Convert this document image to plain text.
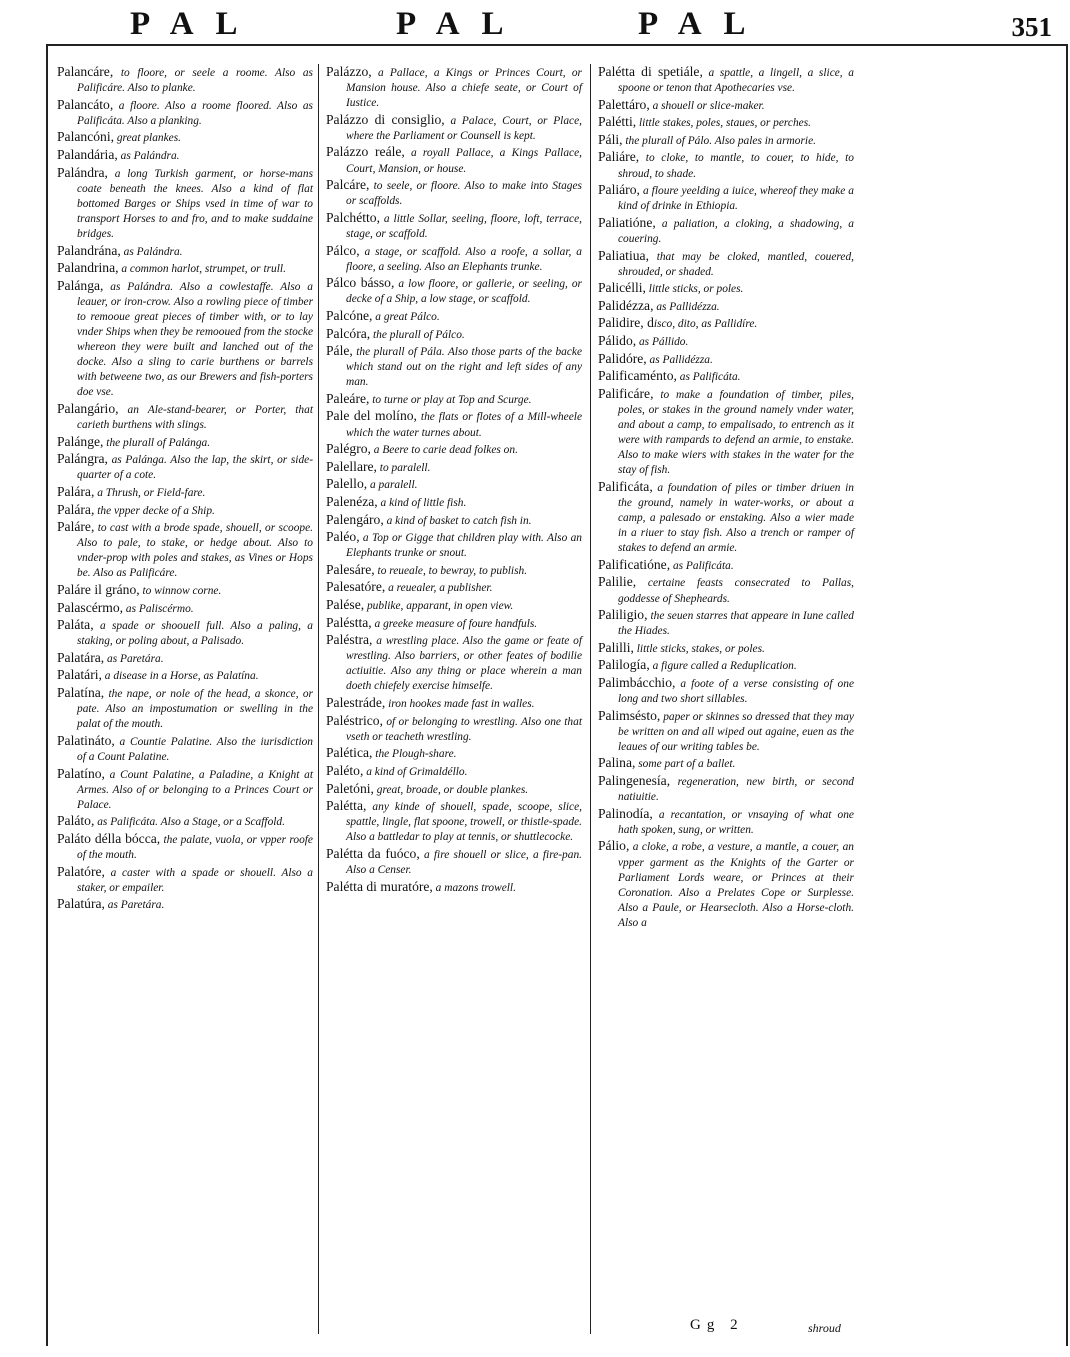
PAL	PAL	PAL	351

Palancáre, to floore, or seele a roome. Also as Palificáre. Also to planke.

Palancáto, a floore. Also a roome floored. Also as Palificáta. Also a planking.

Palancóni, great plankes.

Palandária, as Palándra.

Palándra, a long Turkish garment, or horse-mans coate beneath the knees. Also a kind of flat bottomed Barges or Ships vsed in time of war to transport Horses to and fro, and to make suddaine bridges.

Palandrána, as Palándra.

Palandrina, a common harlot, strumpet, or trull.

Palánga, as Palándra. Also a cowlestaffe. Also a leauer, or iron-crow. Also a rowling piece of timber to remooue great pieces of timber with, or to lay vnder Ships when they be remooued from the stocke whereon they were built and lanched out of the docke. Also a sling to carie burthens or barrels with betweene two, as our Brewers and fish-porters doe vse.

Palangário, an Ale-stand-bearer, or Porter, that carieth burthens with slings.

Palánge, the plurall of Palánga.

Palángra, as Palánga. Also the lap, the skirt, or side-quarter of a cote.

Palára, a Thrush, or Field-fare.

Palára, the vpper decke of a Ship.

Paláre, to cast with a brode spade, shouell, or scoope. Also to pale, to stake, or hedge about. Also to vnder-prop with poles and stakes, as Vines or Hops be. Also as Palificáre.

Paláre il gráno, to winnow corne.

Palascérmo, as Paliscérmo.

Paláta, a spade or shoouell full. Also a paling, a staking, or poling about, a Palisado.

Palatára, as Paretára.

Palatári, a disease in a Horse, as Palatína.

Palatína, the nape, or nole of the head, a skonce, or pate. Also an impostumation or swelling in the palat of the mouth.

Palatináto, a Countie Palatine. Also the iurisdiction of a Count Palatine.

Palatíno, a Count Palatine, a Paladine, a Knight at Armes. Also of or belonging to a Princes Court or Palace.

Paláto, as Palificáta. Also a Stage, or a Scaffold.

Paláto délla bócca, the palate, vuola, or vpper roofe of the mouth.

Palatóre, a caster with a spade or shouell. Also a staker, or empailer.

Palatúra, as Paretára.

Palázzo, a Pallace, a Kings or Princes Court, or Mansion house. Also a chiefe seate, or Court of Iustice.

Palázzo di consiglio, a Palace, Court, or Place, where the Parliament or Counsell is kept.

Palázzo reále, a royall Pallace, a Kings Pallace, Court, Mansion, or house.

Palcáre, to seele, or floore. Also to make into Stages or scaffolds.

Palchétto, a little Sollar, seeling, floore, loft, terrace, stage, or scaffold.

Pálco, a stage, or scaffold. Also a roofe, a sollar, a floore, a seeling. Also an Elephants trunke.

Pálco básso, a low floore, or gallerie, or seeling, or decke of a Ship, a low stage, or scaffold.

Palcóne, a great Pálco.

Palcóra, the plurall of Pálco.

Pále, the plurall of Pála. Also those parts of the backe which stand out on the right and left sides of any man.

Paleáre, to turne or play at Top and Scurge.

Pale del molíno, the flats or flotes of a Mill-wheele which the water turnes about.

Palégro, a Beere to carie dead folkes on.

Palellare, to paralell.

Palello, a paralell.

Palenéza, a kind of little fish.

Palengáro, a kind of basket to catch fish in.

Paléo, a Top or Gigge that children play with. Also an Elephants trunke or snout.

Palesáre, to reueale, to bewray, to publish.

Palesatóre, a reuealer, a publisher.

Palése, publike, apparant, in open view.

Paléstta, a greeke measure of foure handfuls.

Paléstra, a wrestling place. Also the game or feate of wrestling. Also barriers, or other feates of bodilie actiuitie. Also any thing or place wherein a man doeth chiefely exercise himselfe.

Palestráde, iron hookes made fast in walles.

Paléstrico, of or belonging to wrestling. Also one that vseth or teacheth wrestling.

Palética, the Plough-share.

Paléto, a kind of Grimaldéllo.

Paletóni, great, broade, or double plankes.

Palétta, any kinde of shouell, spade, scoope, slice, spattle, lingle, flat spoone, trowell, or thistle-spade. Also a battledar to play at tennis, or shuttlecocke.

Palétta da fuóco, a fire shouell or slice, a fire-pan. Also a Censer.

Palétta di muratóre, a mazons trowell.

Palétta di spetiále, a spattle, a lingell, a slice, a spoone or tenon that Apothecaries vse.

Palettáro, a shouell or slice-maker.

Palétti, little stakes, poles, staues, or perches.

Páli, the plurall of Pálo. Also pales in armorie.

Paliáre, to cloke, to mantle, to couer, to hide, to shroud, to shade.

Paliáro, a floure yeelding a iuice, whereof they make a kind of drinke in Ethiopia.

Paliatióne, a paliation, a cloking, a shadowing, a couering.

Paliatiua, that may be cloked, mantled, couered, shrouded, or shaded.

Palicélli, little sticks, or poles.

Palidézza, as Pallidézza.

Palidire, disco, dito, as Pallidíre.

Pálido, as Pállido.

Palidóre, as Pallidézza.

Palificaménto, as Palificáta.

Palificáre, to make a foundation of timber, piles, poles, or stakes in the ground namely vnder water, and about a camp, to empalisado, to entrench as it were with rampards to defend an armie, to enstake. Also to make wiers with stakes in the water for the stay of fish.

Palificáta, a foundation of piles or timber driuen in the ground, namely in water-works, or about a camp, a palesado or enstaking. Also a wier made in a riuer to stay fish. Also a trench or ramper of stakes to defend an armie.

Palificatióne, as Palificáta.

Palilie, certaine feasts consecrated to Pallas, goddesse of Shepheards.

Paliligio, the seuen starres that appeare in Iune called the Hiades.

Palilli, little sticks, stakes, or poles.

Palilogía, a figure called a Reduplication.

Palimbácchio, a foote of a verse consisting of one long and two short sillables.

Palimsésto, paper or skinnes so dressed that they may be written on and all wiped out againe, euen as the leaues of our writing tables be.

Palina, some part of a ballet.

Palingenesía, regeneration, new birth, or second natiuitie.

Palinodía, a recantation, or vnsaying of what one hath spoken, sung, or written.

Pálio, a cloke, a robe, a vesture, a mantle, a couer, an vpper garment as the Knights of the Garter or Parliament Lords weare, or Princes at their Coronation. Also a Prelates Cope or Surplesse. Also a Paule, or Hearsecloth. Also a Horse-cloth. Also a

Gg 2	shroud
